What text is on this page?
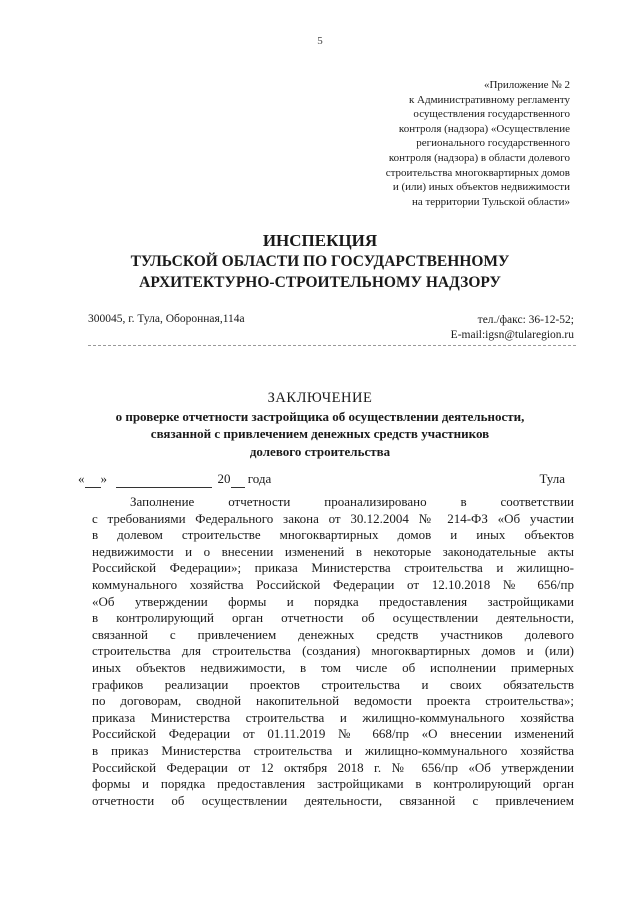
5
«Приложение № 2
к Административному регламенту
осуществления государственного
контроля (надзора) «Осуществление
регионального государственного
контроля (надзора) в области долевого
строительства многоквартирных домов
и (или) иных объектов недвижимости
на территории Тульской области»
ИНСПЕКЦИЯ
ТУЛЬСКОЙ ОБЛАСТИ ПО ГОСУДАРСТВЕННОМУ
АРХИТЕКТУРНО-СТРОИТЕЛЬНОМУ НАДЗОРУ
300045, г. Тула, Оборонная,114а	тел./факс: 36-12-52;
E-mail:igsn@tularegion.ru
ЗАКЛЮЧЕНИЕ
о проверке отчетности застройщика об осуществлении деятельности,
связанной с привлечением денежных средств участников
долевого строительства
« »	20 года	Тула
Заполнение отчетности проанализировано в соответствии
с требованиями Федерального закона от 30.12.2004 № 214-ФЗ «Об участии
в долевом строительстве многоквартирных домов и иных объектов
недвижимости и о внесении изменений в некоторые законодательные акты
Российской Федерации»; приказа Министерства строительства и жилищно-
коммунального хозяйства Российской Федерации от 12.10.2018 № 656/пр
«Об утверждении формы и порядка предоставления застройщиками
в контролирующий орган отчетности об осуществлении деятельности,
связанной с привлечением денежных средств участников долевого
строительства для строительства (создания) многоквартирных домов и (или)
иных объектов недвижимости, в том числе об исполнении примерных
графиков реализации проектов строительства и своих обязательств
по договорам, сводной накопительной ведомости проекта строительства»;
приказа Министерства строительства и жилищно-коммунального хозяйства
Российской Федерации от 01.11.2019 № 668/пр «О внесении изменений
в приказ Министерства строительства и жилищно-коммунального хозяйства
Российской Федерации от 12 октября 2018 г. № 656/пр «Об утверждении
формы и порядка предоставления застройщиками в контролирующий орган
отчетности об осуществлении деятельности, связанной с привлечением
